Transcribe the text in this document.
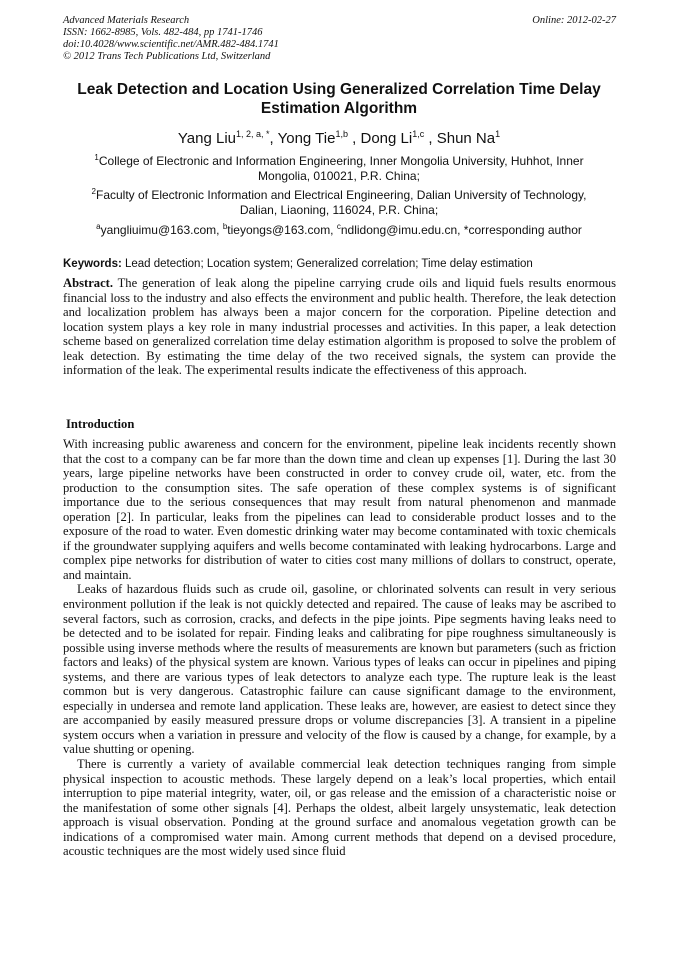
Advanced Materials Research
ISSN: 1662-8985, Vols. 482-484, pp 1741-1746
doi:10.4028/www.scientific.net/AMR.482-484.1741
© 2012 Trans Tech Publications Ltd, Switzerland
Online: 2012-02-27
Leak Detection and Location Using Generalized Correlation Time Delay Estimation Algorithm
Yang Liu$^{1, 2, a, *}$, Yong Tie$^{1,b}$ , Dong Li$^{1,c}$ , Shun Na$^1$
$^1$College of Electronic and Information Engineering, Inner Mongolia University, Huhhot, Inner Mongolia, 010021, P.R. China;
$^2$Faculty of Electronic Information and Electrical Engineering, Dalian University of Technology, Dalian, Liaoning, 116024, P.R. China;
$^a$yangliuimu@163.com, $^b$tieyongs@163.com, $^c$ndlidong@imu.edu.cn, *corresponding author
Keywords: Lead detection; Location system; Generalized correlation; Time delay estimation
Abstract. The generation of leak along the pipeline carrying crude oils and liquid fuels results enormous financial loss to the industry and also effects the environment and public health. Therefore, the leak detection and localization problem has always been a major concern for the corporation. Pipeline detection and location system plays a key role in many industrial processes and activities. In this paper, a leak detection scheme based on generalized correlation time delay estimation algorithm is proposed to solve the problem of leak detection. By estimating the time delay of the two received signals, the system can provide the information of the leak. The experimental results indicate the effectiveness of this approach.
Introduction

With increasing public awareness and concern for the environment, pipeline leak incidents recently shown that the cost to a company can be far more than the down time and clean up expenses [1]. During the last 30 years, large pipeline networks have been constructed in order to convey crude oil, water, etc. from the production to the consumption sites. The safe operation of these complex systems is of significant importance due to the serious consequences that may result from natural phenomenon and manmade operation [2]. In particular, leaks from the pipelines can lead to considerable product losses and to the exposure of the road to water. Even domestic drinking water may become contaminated with toxic chemicals if the groundwater supplying aquifers and wells become contaminated with leaking hydrocarbons. Large and complex pipe networks for distribution of water to cities cost many millions of dollars to construct, operate, and maintain.

Leaks of hazardous fluids such as crude oil, gasoline, or chlorinated solvents can result in very serious environment pollution if the leak is not quickly detected and repaired. The cause of leaks may be ascribed to several factors, such as corrosion, cracks, and defects in the pipe joints. Pipe segments having leaks need to be detected and to be isolated for repair. Finding leaks and calibrating for pipe roughness simultaneously is possible using inverse methods where the results of measurements are known but parameters (such as friction factors and leaks) of the physical system are known. Various types of leaks can occur in pipelines and piping systems, and there are various types of leak detectors to analyze each type. The rupture leak is the least common but is very dangerous. Catastrophic failure can cause significant damage to the environment, especially in undersea and remote land application. These leaks are, however, are easiest to detect since they are accompanied by easily measured pressure drops or volume discrepancies [3]. A transient in a pipeline system occurs when a variation in pressure and velocity of the flow is caused by a change, for example, by a value shutting or opening.

There is currently a variety of available commercial leak detection techniques ranging from simple physical inspection to acoustic methods. These largely depend on a leak’s local properties, which entail interruption to pipe material integrity, water, oil, or gas release and the emission of a characteristic noise or the manifestation of some other signals [4]. Perhaps the oldest, albeit largely unsystematic, leak detection approach is visual observation. Ponding at the ground surface and anomalous vegetation growth can be indications of a compromised water main. Among current methods that depend on a devised procedure, acoustic techniques are the most widely used since fluid
